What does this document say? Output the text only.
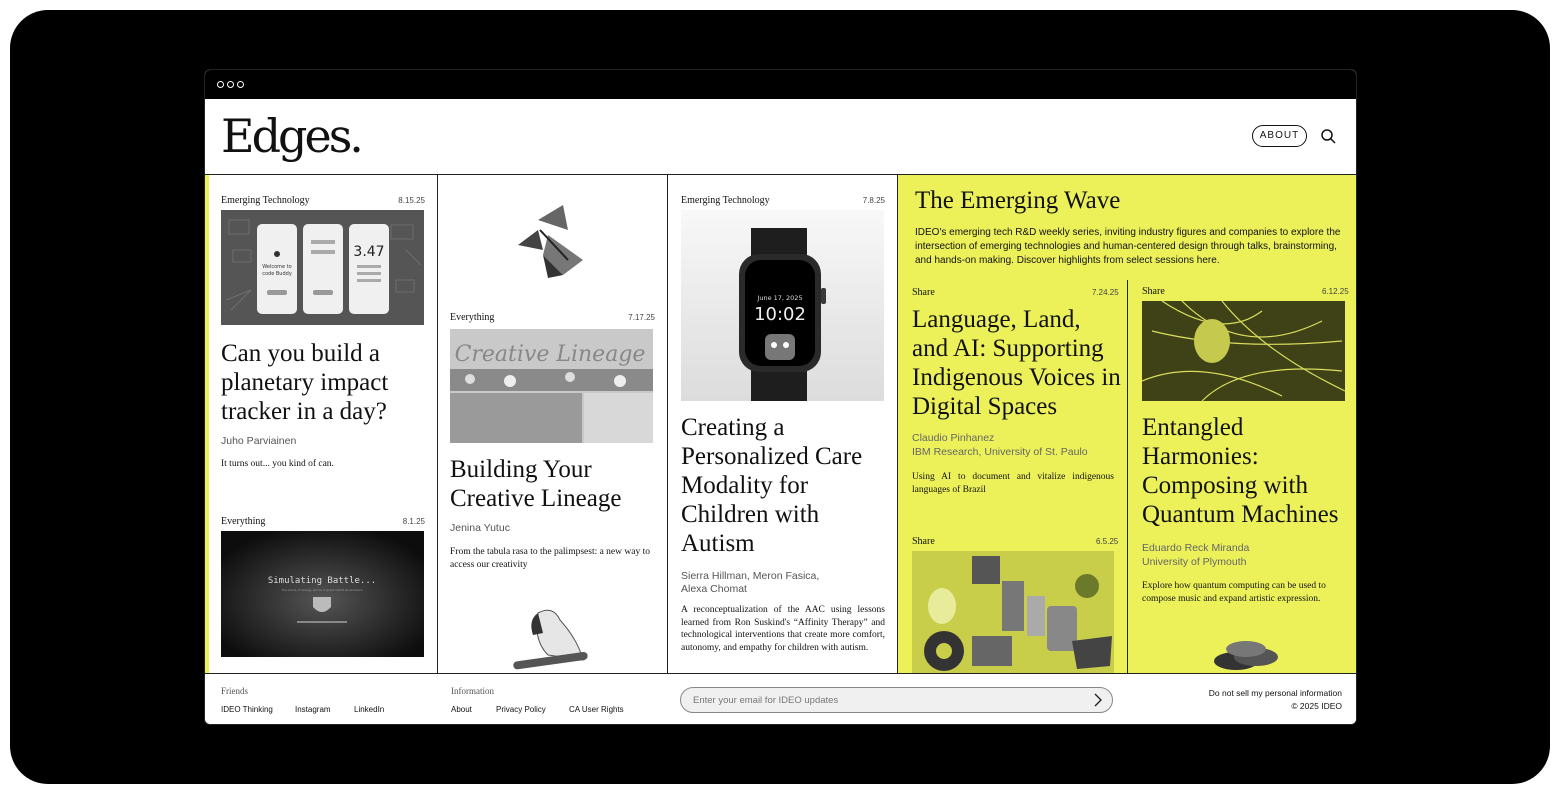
Edges.	ABOUT
Emerging Technology	8.15.25
Welcome to
code Buddy
3.47
Can you build a planetary impact tracker in a day?
Juho Parviainen
It turns out... you kind of can.
Everything	8.1.25
Simulating Battle...
The arena of energy will be a great rabbit showndown
Everything	7.17.25
Creative Lineage
Building Your Creative Lineage
Jenina Yutuc
From the tabula rasa to the palimpsest: a new way to access our creativity
Emerging Technology	7.8.25
June 17, 2025
10:02
Creating a Personalized Care Modality for Children with Autism
Sierra Hillman, Meron Fasica, Alexa Chomat
A reconceptualization of the AAC using lessons learned from Ron Suskind's “Affinity Therapy” and technological interventions that create more comfort, autonomy, and empathy for children with autism.
The Emerging Wave
IDEO's emerging tech R&D weekly series, inviting industry figures and companies to explore the intersection of emerging technologies and human-centered design through talks, brainstorming, and hands-on making. Discover highlights from select sessions here.
Share	7.24.25
Language, Land, and AI: Supporting Indigenous Voices in Digital Spaces
Claudio Pinhanez
IBM Research, University of St. Paulo
Using AI to document and vitalize indigenous languages of Brazil
Share	6.5.25
Share	6.12.25
Entangled Harmonies: Composing with Quantum Machines
Eduardo Reck Miranda
University of Plymouth
Explore how quantum computing can be used to compose music and expand artistic expression.
Friends
IDEO Thinking	Instagram	LinkedIn
Information
About	Privacy Policy	CA User Rights
Enter your email for IDEO updates
Do not sell my personal information
© 2025 IDEO
